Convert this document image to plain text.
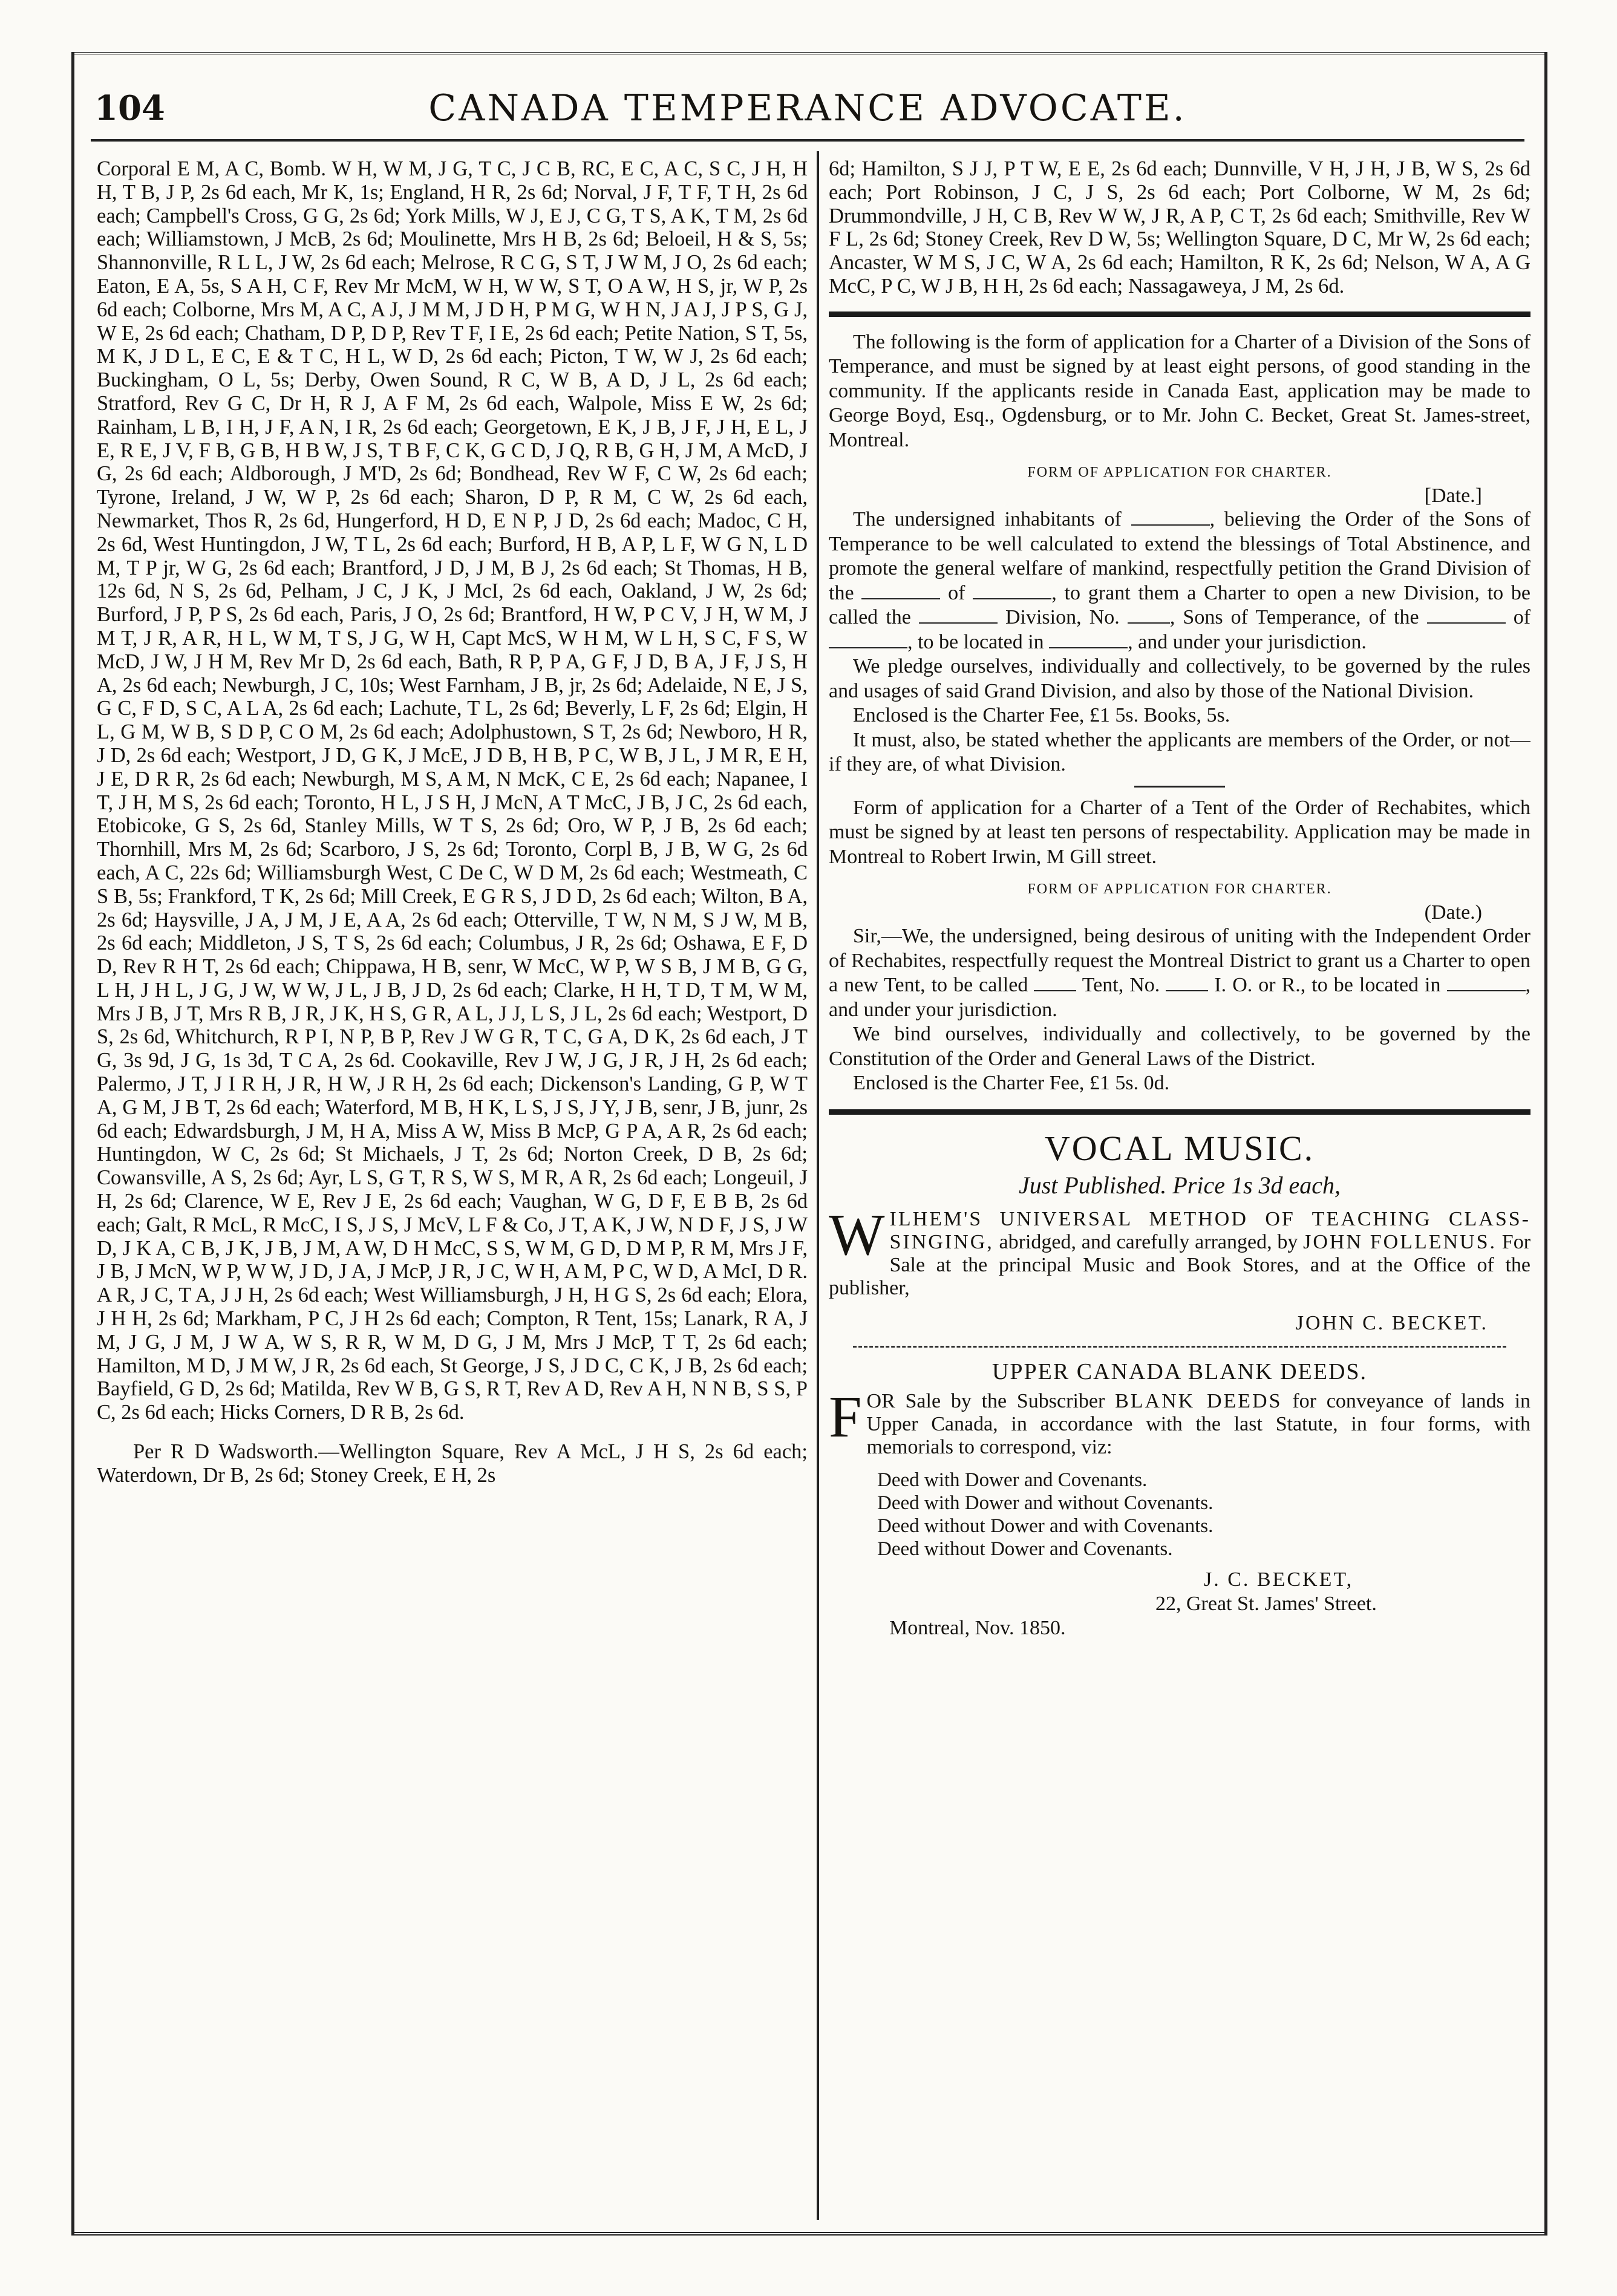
104	CANADA TEMPERANCE ADVOCATE.

Corporal E M, A C, Bomb. W H, W M, J G, T C, J C B, RC, E C, A C, S C, J H, H H, T B, J P, 2s 6d each, Mr K, 1s; England, H R, 2s 6d; Norval, J F, T F, T H, 2s 6d each; Campbell's Cross, G G, 2s 6d; York Mills, W J, E J, C G, T S, A K, T M, 2s 6d each; Williamstown, J McB, 2s 6d; Moulinette, Mrs H B, 2s 6d; Beloeil, H & S, 5s; Shannonville, R L L, J W, 2s 6d each; Melrose, R C G, S T, J W M, J O, 2s 6d each; Eaton, E A, 5s, S A H, C F, Rev Mr McM, W H, W W, S T, O A W, H S, jr, W P, 2s 6d each; Colborne, Mrs M, A C, A J, J M M, J D H, P M G, W H N, J A J, J P S, G J, W E, 2s 6d each; Chatham, D P, D P, Rev T F, I E, 2s 6d each; Petite Nation, S T, 5s, M K, J D L, E C, E & T C, H L, W D, 2s 6d each; Picton, T W, W J, 2s 6d each; Buckingham, O L, 5s; Derby, Owen Sound, R C, W B, A D, J L, 2s 6d each; Stratford, Rev G C, Dr H, R J, A F M, 2s 6d each, Walpole, Miss E W, 2s 6d; Rainham, L B, I H, J F, A N, I R, 2s 6d each; Georgetown, E K, J B, J F, J H, E L, J E, R E, J V, F B, G B, H B W, J S, T B F, C K, G C D, J Q, R B, G H, J M, A McD, J G, 2s 6d each; Aldborough, J M'D, 2s 6d; Bondhead, Rev W F, C W, 2s 6d each; Tyrone, Ireland, J W, W P, 2s 6d each; Sharon, D P, R M, C W, 2s 6d each, Newmarket, Thos R, 2s 6d, Hungerford, H D, E N P, J D, 2s 6d each; Madoc, C H, 2s 6d, West Huntingdon, J W, T L, 2s 6d each; Burford, H B, A P, L F, W G N, L D M, T P jr, W G, 2s 6d each; Brantford, J D, J M, B J, 2s 6d each; St Thomas, H B, 12s 6d, N S, 2s 6d, Pelham, J C, J K, J McI, 2s 6d each, Oakland, J W, 2s 6d; Burford, J P, P S, 2s 6d each, Paris, J O, 2s 6d; Brantford, H W, P C V, J H, W M, J M T, J R, A R, H L, W M, T S, J G, W H, Capt McS, W H M, W L H, S C, F S, W McD, J W, J H M, Rev Mr D, 2s 6d each, Bath, R P, P A, G F, J D, B A, J F, J S, H A, 2s 6d each; Newburgh, J C, 10s; West Farnham, J B, jr, 2s 6d; Adelaide, N E, J S, G C, F D, S C, A L A, 2s 6d each; Lachute, T L, 2s 6d; Beverly, L F, 2s 6d; Elgin, H L, G M, W B, S D P, C O M, 2s 6d each; Adolphustown, S T, 2s 6d; Newboro, H R, J D, 2s 6d each; Westport, J D, G K, J McE, J D B, H B, P C, W B, J L, J M R, E H, J E, D R R, 2s 6d each; Newburgh, M S, A M, N McK, C E, 2s 6d each; Napanee, I T, J H, M S, 2s 6d each; Toronto, H L, J S H, J McN, A T McC, J B, J C, 2s 6d each, Etobicoke, G S, 2s 6d, Stanley Mills, W T S, 2s 6d; Oro, W P, J B, 2s 6d each; Thornhill, Mrs M, 2s 6d; Scarboro, J S, 2s 6d; Toronto, Corpl B, J B, W G, 2s 6d each, A C, 22s 6d; Williamsburgh West, C De C, W D M, 2s 6d each; Westmeath, C S B, 5s; Frankford, T K, 2s 6d; Mill Creek, E G R S, J D D, 2s 6d each; Wilton, B A, 2s 6d; Haysville, J A, J M, J E, A A, 2s 6d each; Otterville, T W, N M, S J W, M B, 2s 6d each; Middleton, J S, T S, 2s 6d each; Columbus, J R, 2s 6d; Oshawa, E F, D D, Rev R H T, 2s 6d each; Chippawa, H B, senr, W McC, W P, W S B, J M B, G G, L H, J H L, J G, J W, W W, J L, J B, J D, 2s 6d each; Clarke, H H, T D, T M, W M, Mrs J B, J T, Mrs R B, J R, J K, H S, G R, A L, J J, L S, J L, 2s 6d each; Westport, D S, 2s 6d, Whitchurch, R P I, N P, B P, Rev J W G R, T C, G A, D K, 2s 6d each, J T G, 3s 9d, J G, 1s 3d, T C A, 2s 6d. Cookaville, Rev J W, J G, J R, J H, 2s 6d each; Palermo, J T, J I R H, J R, H W, J R H, 2s 6d each; Dickenson's Landing, G P, W T A, G M, J B T, 2s 6d each; Waterford, M B, H K, L S, J S, J Y, J B, senr, J B, junr, 2s 6d each; Edwardsburgh, J M, H A, Miss A W, Miss B McP, G P A, A R, 2s 6d each; Huntingdon, W C, 2s 6d; St Michaels, J T, 2s 6d; Norton Creek, D B, 2s 6d; Cowansville, A S, 2s 6d; Ayr, L S, G T, R S, W S, M R, A R, 2s 6d each; Longeuil, J H, 2s 6d; Clarence, W E, Rev J E, 2s 6d each; Vaughan, W G, D F, E B B, 2s 6d each; Galt, R McL, R McC, I S, J S, J McV, L F & Co, J T, A K, J W, N D F, J S, J W D, J K A, C B, J K, J B, J M, A W, D H McC, S S, W M, G D, D M P, R M, Mrs J F, J B, J McN, W P, W W, J D, J A, J McP, J R, J C, W H, A M, P C, W D, A McI, D R. A R, J C, T A, J J H, 2s 6d each; West Williamsburgh, J H, H G S, 2s 6d each; Elora, J H H, 2s 6d; Markham, P C, J H 2s 6d each; Compton, R Tent, 15s; Lanark, R A, J M, J G, J M, J W A, W S, R R, W M, D G, J M, Mrs J McP, T T, 2s 6d each; Hamilton, M D, J M W, J R, 2s 6d each, St George, J S, J D C, C K, J B, 2s 6d each; Bayfield, G D, 2s 6d; Matilda, Rev W B, G S, R T, Rev A D, Rev A H, N N B, S S, P C, 2s 6d each; Hicks Corners, D R B, 2s 6d.

Per R D Wadsworth.—Wellington Square, Rev A McL, J H S, 2s 6d each; Waterdown, Dr B, 2s 6d; Stoney Creek, E H, 2s

6d; Hamilton, S J J, P T W, E E, 2s 6d each; Dunnville, V H, J H, J B, W S, 2s 6d each; Port Robinson, J C, J S, 2s 6d each; Port Colborne, W M, 2s 6d; Drummondville, J H, C B, Rev W W, J R, A P, C T, 2s 6d each; Smithville, Rev W F L, 2s 6d; Stoney Creek, Rev D W, 5s; Wellington Square, D C, Mr W, 2s 6d each; Ancaster, W M S, J C, W A, 2s 6d each; Hamilton, R K, 2s 6d; Nelson, W A, A G McC, P C, W J B, H H, 2s 6d each; Nassagaweya, J M, 2s 6d.

The following is the form of application for a Charter of a Division of the Sons of Temperance, and must be signed by at least eight persons, of good standing in the community. If the applicants reside in Canada East, application may be made to George Boyd, Esq., Ogdensburg, or to Mr. John C. Becket, Great St. James-street, Montreal.

FORM OF APPLICATION FOR CHARTER.
[Date.]

The undersigned inhabitants of	, believing the Order of the Sons of Temperance to be well calculated to extend the blessings of Total Abstinence, and promote the general welfare of mankind, respectfully petition the Grand Division of the	of	, to grant them a Charter to open a new Division, to be called the	Division, No. , Sons of Temperance, of the	of , to be located in	, and under your jurisdiction.

We pledge ourselves, individually and collectively, to be governed by the rules and usages of said Grand Division, and also by those of the National Division.

Enclosed is the Charter Fee, £1 5s. Books, 5s.

It must, also, be stated whether the applicants are members of the Order, or not—if they are, of what Division.

Form of application for a Charter of a Tent of the Order of Rechabites, which must be signed by at least ten persons of respectability. Application may be made in Montreal to Robert Irwin, M Gill street.

FORM OF APPLICATION FOR CHARTER.
(Date.)

Sir,—We, the undersigned, being desirous of uniting with the Independent Order of Rechabites, respectfully request the Montreal District to grant us a Charter to open a new Tent, to be called	Tent, No.	I. O. or R., to be located in	, and under your jurisdiction.

We bind ourselves, individually and collectively, to be governed by the Constitution of the Order and General Laws of the District.

Enclosed is the Charter Fee, £1 5s. 0d.

VOCAL MUSIC.
Just Published. Price 1s 3d each,

W ILHEM'S UNIVERSAL METHOD OF TEACHING CLASS-SINGING, abridged, and carefully arranged, by JOHN FOLLENUS. For Sale at the principal Music and Book Stores, and at the Office of the publisher,

JOHN C. BECKET.
UPPER CANADA BLANK DEEDS.

F OR Sale by the Subscriber BLANK DEEDS for conveyance of lands in Upper Canada, in accordance with the last Statute, in four forms, with memorials to correspond, viz:

Deed with Dower and Covenants.
Deed with Dower and without Covenants.
Deed without Dower and with Covenants.
Deed without Dower and Covenants.
J. C. BECKET,
22, Great St. James' Street.
Montreal, Nov. 1850.
